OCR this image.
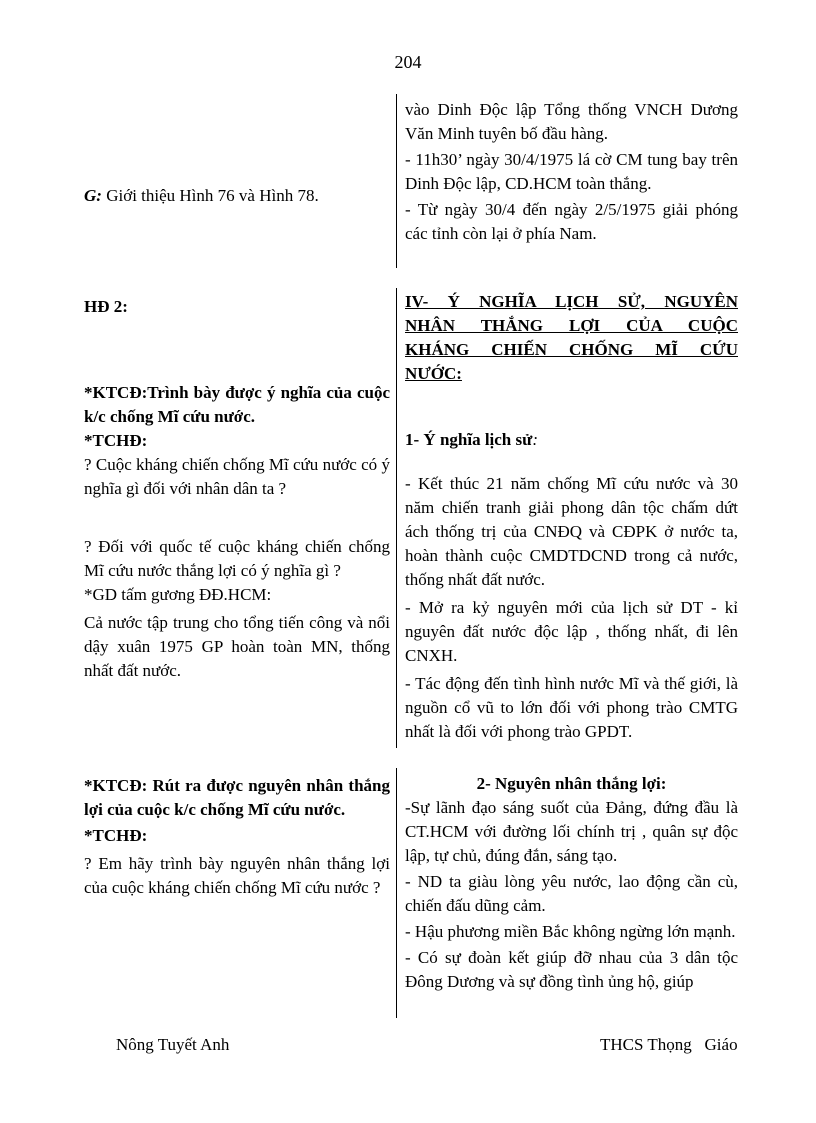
204

G: Giới thiệu Hình 76 và Hình 78.

vào Dinh Độc lập Tổng thống VNCH Dương Văn Minh tuyên bố đầu hàng.

- 11h30’ ngày 30/4/1975 lá cờ CM tung bay trên Dinh Độc lập, CD.HCM toàn thắng.

- Từ ngày 30/4 đến ngày 2/5/1975 giải phóng các tỉnh còn lại ở phía Nam.

HĐ 2:

*KTCĐ:Trình bày được ý nghĩa của cuộc k/c chống Mĩ cứu nước.

*TCHĐ:

? Cuộc kháng chiến chống Mĩ cứu nước có ý nghĩa gì đối với nhân dân ta ?

? Đối với quốc tế cuộc kháng chiến chống Mĩ cứu nước thắng lợi có ý nghĩa gì ?

*GD tấm gương ĐĐ.HCM:

Cả nước tập trung cho tổng tiến công và nổi dậy xuân 1975 GP hoàn toàn MN, thống nhất đất nước.

IV- Ý NGHĨA LỊCH SỬ, NGUYÊN

NHÂN THẮNG LỢI CỦA CUỘC

KHÁNG CHIẾN CHỐNG MĨ CỨU

NƯỚC:

1- Ý nghĩa lịch sử:

- Kết thúc 21 năm chống Mĩ cứu nước và 30 năm chiến tranh giải phong dân tộc chấm dứt ách thống trị của CNĐQ và CĐPK ở nước ta, hoàn thành cuộc CMDTDCND trong cả nước, thống nhất đất nước.

- Mở ra kỷ nguyên mới của lịch sử DT - kỉ nguyên đất nước độc lập , thống nhất, đi lên CNXH.

- Tác động đến tình hình nước Mĩ và thế giới, là nguồn cổ vũ to lớn đối với phong trào CMTG nhất là đối với phong trào GPDT.

*KTCĐ: Rút ra được nguyên nhân thắng lợi của cuộc k/c chống Mĩ cứu nước.

*TCHĐ:

? Em hãy trình bày nguyên nhân thắng lợi của cuộc kháng chiến chống Mĩ cứu nước ?

2- Nguyên nhân thắng lợi:

-Sự lãnh đạo sáng suốt của Đảng, đứng đầu là CT.HCM với đường lối chính trị , quân sự độc lập, tự chủ, đúng đắn, sáng tạo.

- ND ta giàu lòng yêu nước, lao động cần cù, chiến đấu dũng cảm.

- Hậu phương miền Bắc không ngừng lớn mạnh.

- Có sự đoàn kết giúp đỡ nhau của 3 dân tộc Đông Dương và sự đồng tình ủng hộ, giúp

Nông Tuyết Anh	THCS Thọng   Giáo
